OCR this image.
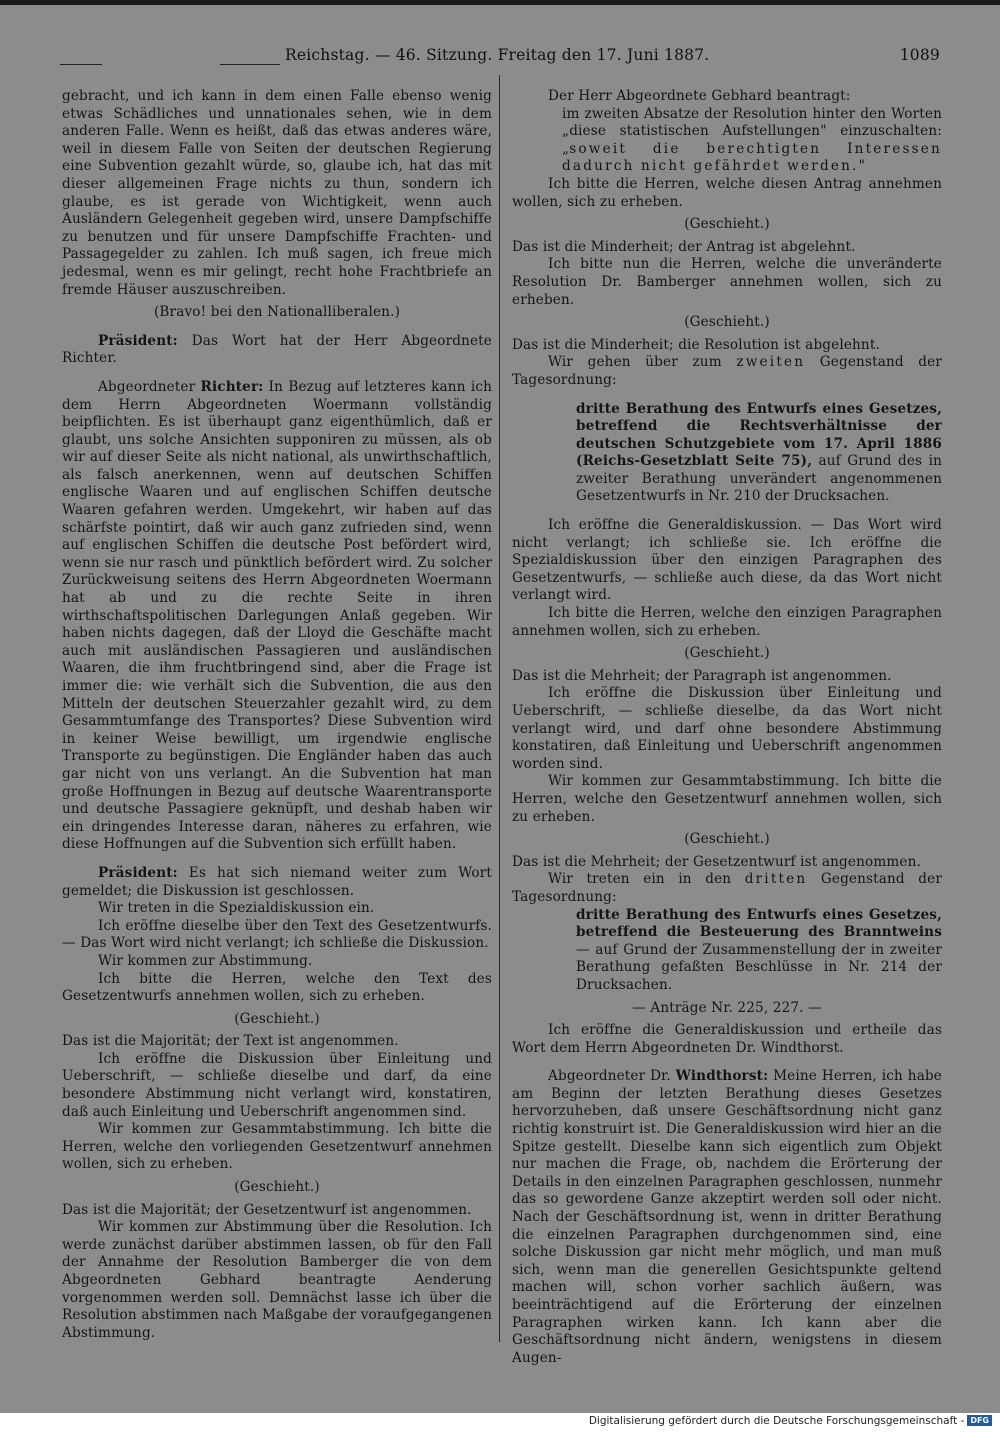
Reichstag. — 46. Sitzung. Freitag den 17. Juni 1887.	1089

gebracht, und ich kann in dem einen Falle ebenso wenig etwas Schädliches und unnationales sehen, wie in dem anderen Falle. Wenn es heißt, daß das etwas anderes wäre, weil in diesem Falle von Seiten der deutschen Regierung eine Subvention gezahlt würde, so, glaube ich, hat das mit dieser allgemeinen Frage nichts zu thun, sondern ich glaube, es ist gerade von Wichtigkeit, wenn auch Ausländern Gelegenheit gegeben wird, unsere Dampfschiffe zu benutzen und für unsere Dampfschiffe Frachten- und Passagegelder zu zahlen. Ich muß sagen, ich freue mich jedesmal, wenn es mir gelingt, recht hohe Frachtbriefe an fremde Häuser auszuschreiben.

(Bravo! bei den Nationalliberalen.)

Präsident: Das Wort hat der Herr Abgeordnete Richter.

Abgeordneter Richter: In Bezug auf letzteres kann ich dem Herrn Abgeordneten Woermann vollständig beipflichten. Es ist überhaupt ganz eigenthümlich, daß er glaubt, uns solche Ansichten supponiren zu müssen, als ob wir auf dieser Seite als nicht national, als unwirthschaftlich, als falsch anerkennen, wenn auf deutschen Schiffen englische Waaren und auf englischen Schiffen deutsche Waaren gefahren werden. Umgekehrt, wir haben auf das schärfste pointirt, daß wir auch ganz zufrieden sind, wenn auf englischen Schiffen die deutsche Post befördert wird, wenn sie nur rasch und pünktlich befördert wird. Zu solcher Zurückweisung seitens des Herrn Abgeordneten Woermann hat ab und zu die rechte Seite in ihren wirthschaftspolitischen Darlegungen Anlaß gegeben. Wir haben nichts dagegen, daß der Lloyd die Geschäfte macht auch mit ausländischen Passagieren und ausländischen Waaren, die ihm fruchtbringend sind, aber die Frage ist immer die: wie verhält sich die Subvention, die aus den Mitteln der deutschen Steuerzahler gezahlt wird, zu dem Gesammtumfange des Transportes? Diese Subvention wird in keiner Weise bewilligt, um irgendwie englische Transporte zu begünstigen. Die Engländer haben das auch gar nicht von uns verlangt. An die Subvention hat man große Hoffnungen in Bezug auf deutsche Waarentransporte und deutsche Passagiere geknüpft, und deshab haben wir ein dringendes Interesse daran, näheres zu erfahren, wie diese Hoffnungen auf die Subvention sich erfüllt haben.

Präsident: Es hat sich niemand weiter zum Wort gemeldet; die Diskussion ist geschlossen.

Wir treten in die Spezialdiskussion ein.

Ich eröffne dieselbe über den Text des Gesetzentwurfs. — Das Wort wird nicht verlangt; ich schließe die Diskussion.

Wir kommen zur Abstimmung.

Ich bitte die Herren, welche den Text des Gesetzentwurfs annehmen wollen, sich zu erheben.

(Geschieht.)

Das ist die Majorität; der Text ist angenommen.

Ich eröffne die Diskussion über Einleitung und Ueberschrift, — schließe dieselbe und darf, da eine besondere Abstimmung nicht verlangt wird, konstatiren, daß auch Einleitung und Ueberschrift angenommen sind.

Wir kommen zur Gesammtabstimmung. Ich bitte die Herren, welche den vorliegenden Gesetzentwurf annehmen wollen, sich zu erheben.

(Geschieht.)

Das ist die Majorität; der Gesetzentwurf ist angenommen.

Wir kommen zur Abstimmung über die Resolution. Ich werde zunächst darüber abstimmen lassen, ob für den Fall der Annahme der Resolution Bamberger die von dem Abgeordneten Gebhard beantragte Aenderung vorgenommen werden soll. Demnächst lasse ich über die Resolution abstimmen nach Maßgabe der voraufgegangenen Abstimmung.

Der Herr Abgeordnete Gebhard beantragt:

im zweiten Absatze der Resolution hinter den Worten „diese statistischen Aufstellungen" einzuschalten: „soweit die berechtigten Interessen dadurch nicht gefährdet werden."

Ich bitte die Herren, welche diesen Antrag annehmen wollen, sich zu erheben.

(Geschieht.)

Das ist die Minderheit; der Antrag ist abgelehnt.

Ich bitte nun die Herren, welche die unveränderte Resolution Dr. Bamberger annehmen wollen, sich zu erheben.

(Geschieht.)

Das ist die Minderheit; die Resolution ist abgelehnt.

Wir gehen über zum zweiten Gegenstand der Tagesordnung:

dritte Berathung des Entwurfs eines Gesetzes, betreffend die Rechtsverhältnisse der deutschen Schutzgebiete vom 17. April 1886 (Reichs-Gesetzblatt Seite 75), auf Grund des in zweiter Berathung unverändert angenommenen Gesetzentwurfs in Nr. 210 der Drucksachen.

Ich eröffne die Generaldiskussion. — Das Wort wird nicht verlangt; ich schließe sie. Ich eröffne die Spezialdiskussion über den einzigen Paragraphen des Gesetzentwurfs, — schließe auch diese, da das Wort nicht verlangt wird.

Ich bitte die Herren, welche den einzigen Paragraphen annehmen wollen, sich zu erheben.

(Geschieht.)

Das ist die Mehrheit; der Paragraph ist angenommen.

Ich eröffne die Diskussion über Einleitung und Ueberschrift, — schließe dieselbe, da das Wort nicht verlangt wird, und darf ohne besondere Abstimmung konstatiren, daß Einleitung und Ueberschrift angenommen worden sind.

Wir kommen zur Gesammtabstimmung. Ich bitte die Herren, welche den Gesetzentwurf annehmen wollen, sich zu erheben.

(Geschieht.)

Das ist die Mehrheit; der Gesetzentwurf ist angenommen.

Wir treten ein in den dritten Gegenstand der Tagesordnung:

dritte Berathung des Entwurfs eines Gesetzes, betreffend die Besteuerung des Branntweins — auf Grund der Zusammenstellung der in zweiter Berathung gefaßten Beschlüsse in Nr. 214 der Drucksachen.

— Anträge Nr. 225, 227. —

Ich eröffne die Generaldiskussion und ertheile das Wort dem Herrn Abgeordneten Dr. Windthorst.

Abgeordneter Dr. Windthorst: Meine Herren, ich habe am Beginn der letzten Berathung dieses Gesetzes hervorzuheben, daß unsere Geschäftsordnung nicht ganz richtig konstruirt ist. Die Generaldiskussion wird hier an die Spitze gestellt. Dieselbe kann sich eigentlich zum Objekt nur machen die Frage, ob, nachdem die Erörterung der Details in den einzelnen Paragraphen geschlossen, nunmehr das so gewordene Ganze akzeptirt werden soll oder nicht. Nach der Geschäftsordnung ist, wenn in dritter Berathung die einzelnen Paragraphen durchgenommen sind, eine solche Diskussion gar nicht mehr möglich, und man muß sich, wenn man die generellen Gesichtspunkte geltend machen will, schon vorher sachlich äußern, was beeinträchtigend auf die Erörterung der einzelnen Paragraphen wirken kann. Ich kann aber die Geschäftsordnung nicht ändern, wenigstens in diesem Augen-

Digitalisierung gefördert durch die Deutsche Forschungsgemeinschaft - DFG
